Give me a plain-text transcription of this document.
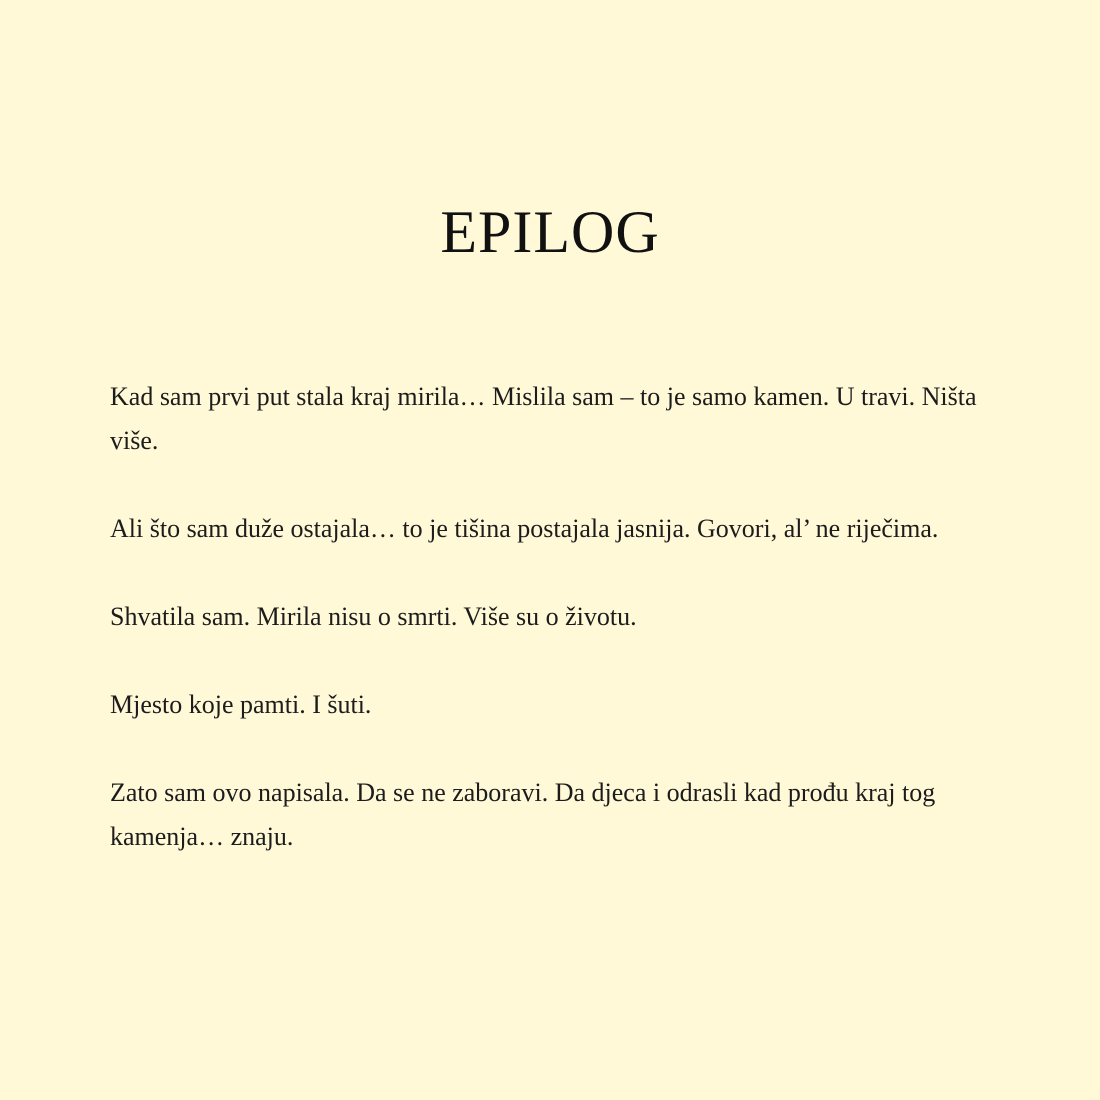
EPILOG

Kad sam prvi put stala kraj mirila… Mislila sam – to je samo kamen. U travi. Ništa više.

Ali što sam duže ostajala… to je tišina postajala jasnija. Govori, al’ ne riječima.

Shvatila sam. Mirila nisu o smrti. Više su o životu.

Mjesto koje pamti. I šuti.

Zato sam ovo napisala. Da se ne zaboravi. Da djeca i odrasli kad prođu kraj tog kamenja… znaju.
